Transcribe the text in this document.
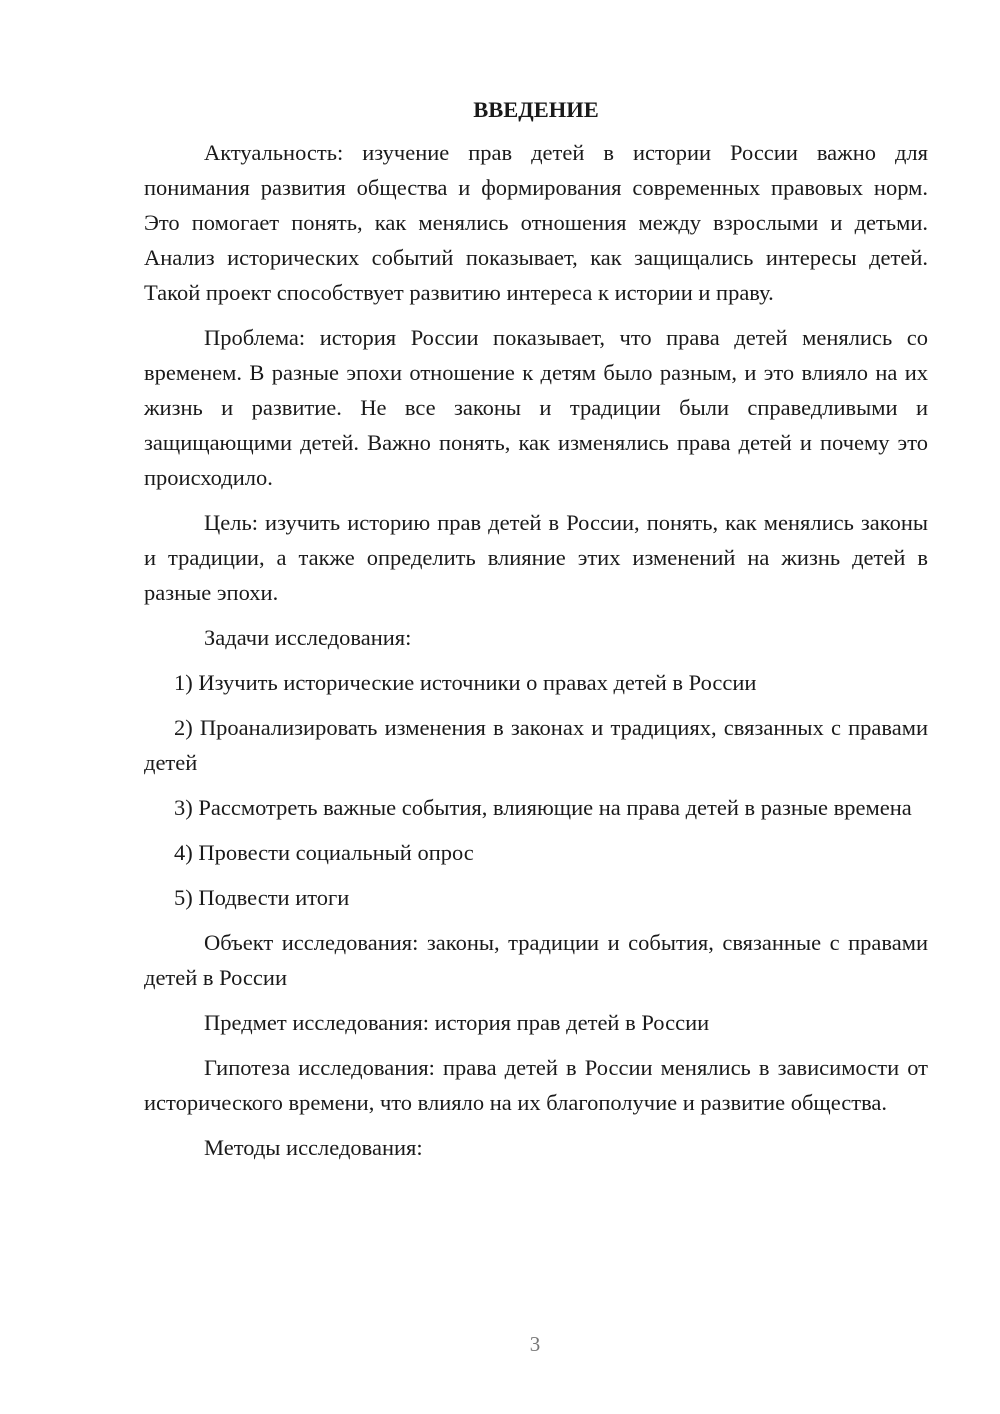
ВВЕДЕНИЕ

Актуальность: изучение прав детей в истории России важно для понимания развития общества и формирования современных правовых норм. Это помогает понять, как менялись отношения между взрослыми и детьми. Анализ исторических событий показывает, как защищались интересы детей. Такой проект способствует развитию интереса к истории и праву.

Проблема: история России показывает, что права детей менялись со временем. В разные эпохи отношение к детям было разным, и это влияло на их жизнь и развитие. Не все законы и традиции были справедливыми и защищающими детей. Важно понять, как изменялись права детей и почему это происходило.

Цель: изучить историю прав детей в России, понять, как менялись законы и традиции, а также определить влияние этих изменений на жизнь детей в разные эпохи.

Задачи исследования:

1) Изучить исторические источники о правах детей в России

2) Проанализировать изменения в законах и традициях, связанных с правами детей

3) Рассмотреть важные события, влияющие на права детей в разные времена

4) Провести социальный опрос

5) Подвести итоги

Объект исследования: законы, традиции и события, связанные с правами детей в России

Предмет исследования: история прав детей в России

Гипотеза исследования: права детей в России менялись в зависимости от исторического времени, что влияло на их благополучие и развитие общества.

Методы исследования:

3
